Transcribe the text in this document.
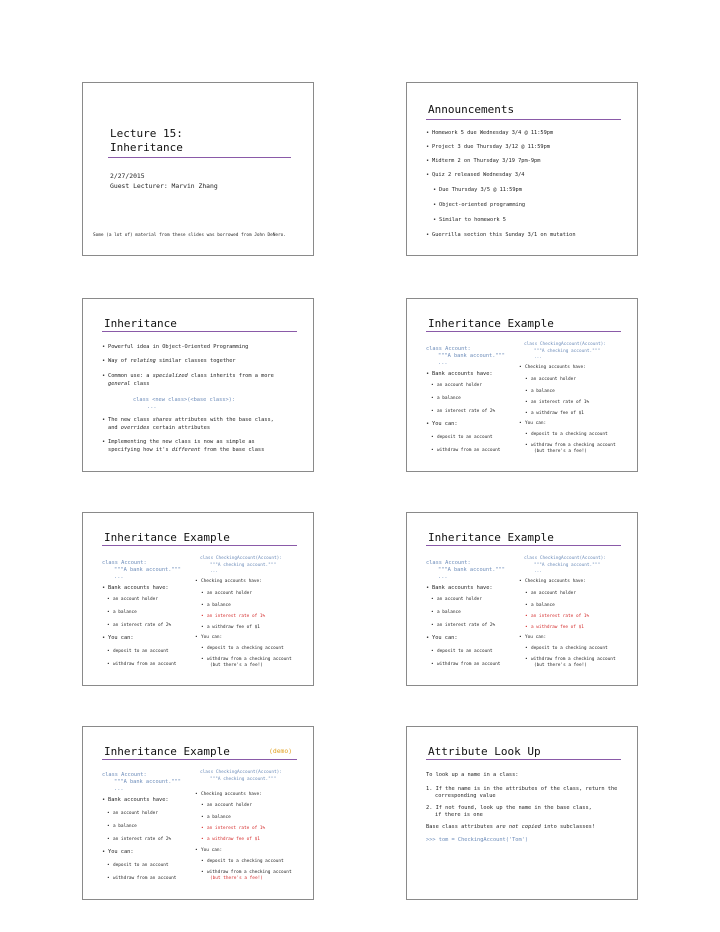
Lecture 15:
Inheritance
2/27/2015
Guest Lecturer: Marvin Zhang
Some (a lot of) material from these slides was borrowed from John DeNero.
Announcements
• Homework 5 due Wednesday 3/4 @ 11:59pm
• Project 3 due Thursday 3/12 @ 11:59pm
• Midterm 2 on Thursday 3/19 7pm-9pm
• Quiz 2 released Wednesday 3/4
• Due Thursday 3/5 @ 11:59pm
• Object-oriented programming
• Similar to homework 5
• Guerrilla section this Sunday 3/1 on mutation
Inheritance
• Powerful idea in Object-Oriented Programming
• Way of relating similar classes together
• Common use: a specialized class inherits from a more
general class
class <new class>(<base class>):
...
• The new class shares attributes with the base class,
and overrides certain attributes
• Implementing the new class is now as simple as
specifying how it's different from the base class
Inheritance Example
class Account:
"""A bank account."""
...
• Bank accounts have:
• an account holder
• a balance
• an interest rate of 2%
• You can:
• deposit to an account
• withdraw from an account
class CheckingAccount(Account):
"""A checking account."""
...
• Checking accounts have:
• an account holder
• a balance
• an interest rate of 1%
• a withdraw fee of $1
• You can:
• deposit to a checking account
• withdraw from a checking account
(but there's a fee!)
Inheritance Example
class Account:
"""A bank account."""
...
• Bank accounts have:
• an account holder
• a balance
• an interest rate of 2%
• You can:
• deposit to an account
• withdraw from an account
class CheckingAccount(Account):
"""A checking account."""
...
• Checking accounts have:
• an account holder
• a balance
• an interest rate of 1%
• a withdraw fee of $1
• You can:
• deposit to a checking account
• withdraw from a checking account
(but there's a fee!)
Inheritance Example
class Account:
"""A bank account."""
...
• Bank accounts have:
• an account holder
• a balance
• an interest rate of 2%
• You can:
• deposit to an account
• withdraw from an account
class CheckingAccount(Account):
"""A checking account."""
...
• Checking accounts have:
• an account holder
• a balance
• an interest rate of 1%
• a withdraw fee of $1
• You can:
• deposit to a checking account
• withdraw from a checking account
(but there's a fee!)
Inheritance Example	(demo)
class Account:
"""A bank account."""
...
• Bank accounts have:
• an account holder
• a balance
• an interest rate of 2%
• You can:
• deposit to an account
• withdraw from an account
class CheckingAccount(Account):
"""A checking account."""
• Checking accounts have:
• an account holder
• a balance
• an interest rate of 1%
• a withdraw fee of $1
• You can:
• deposit to a checking account
• withdraw from a checking account
(but there's a fee!)
Attribute Look Up
To look up a name in a class:
1. If the name is in the attributes of the class, return the
corresponding value
2. If not found, look up the name in the base class,
if there is one
Base class attributes are not copied into subclasses!
>>> tom = CheckingAccount('Tom')
